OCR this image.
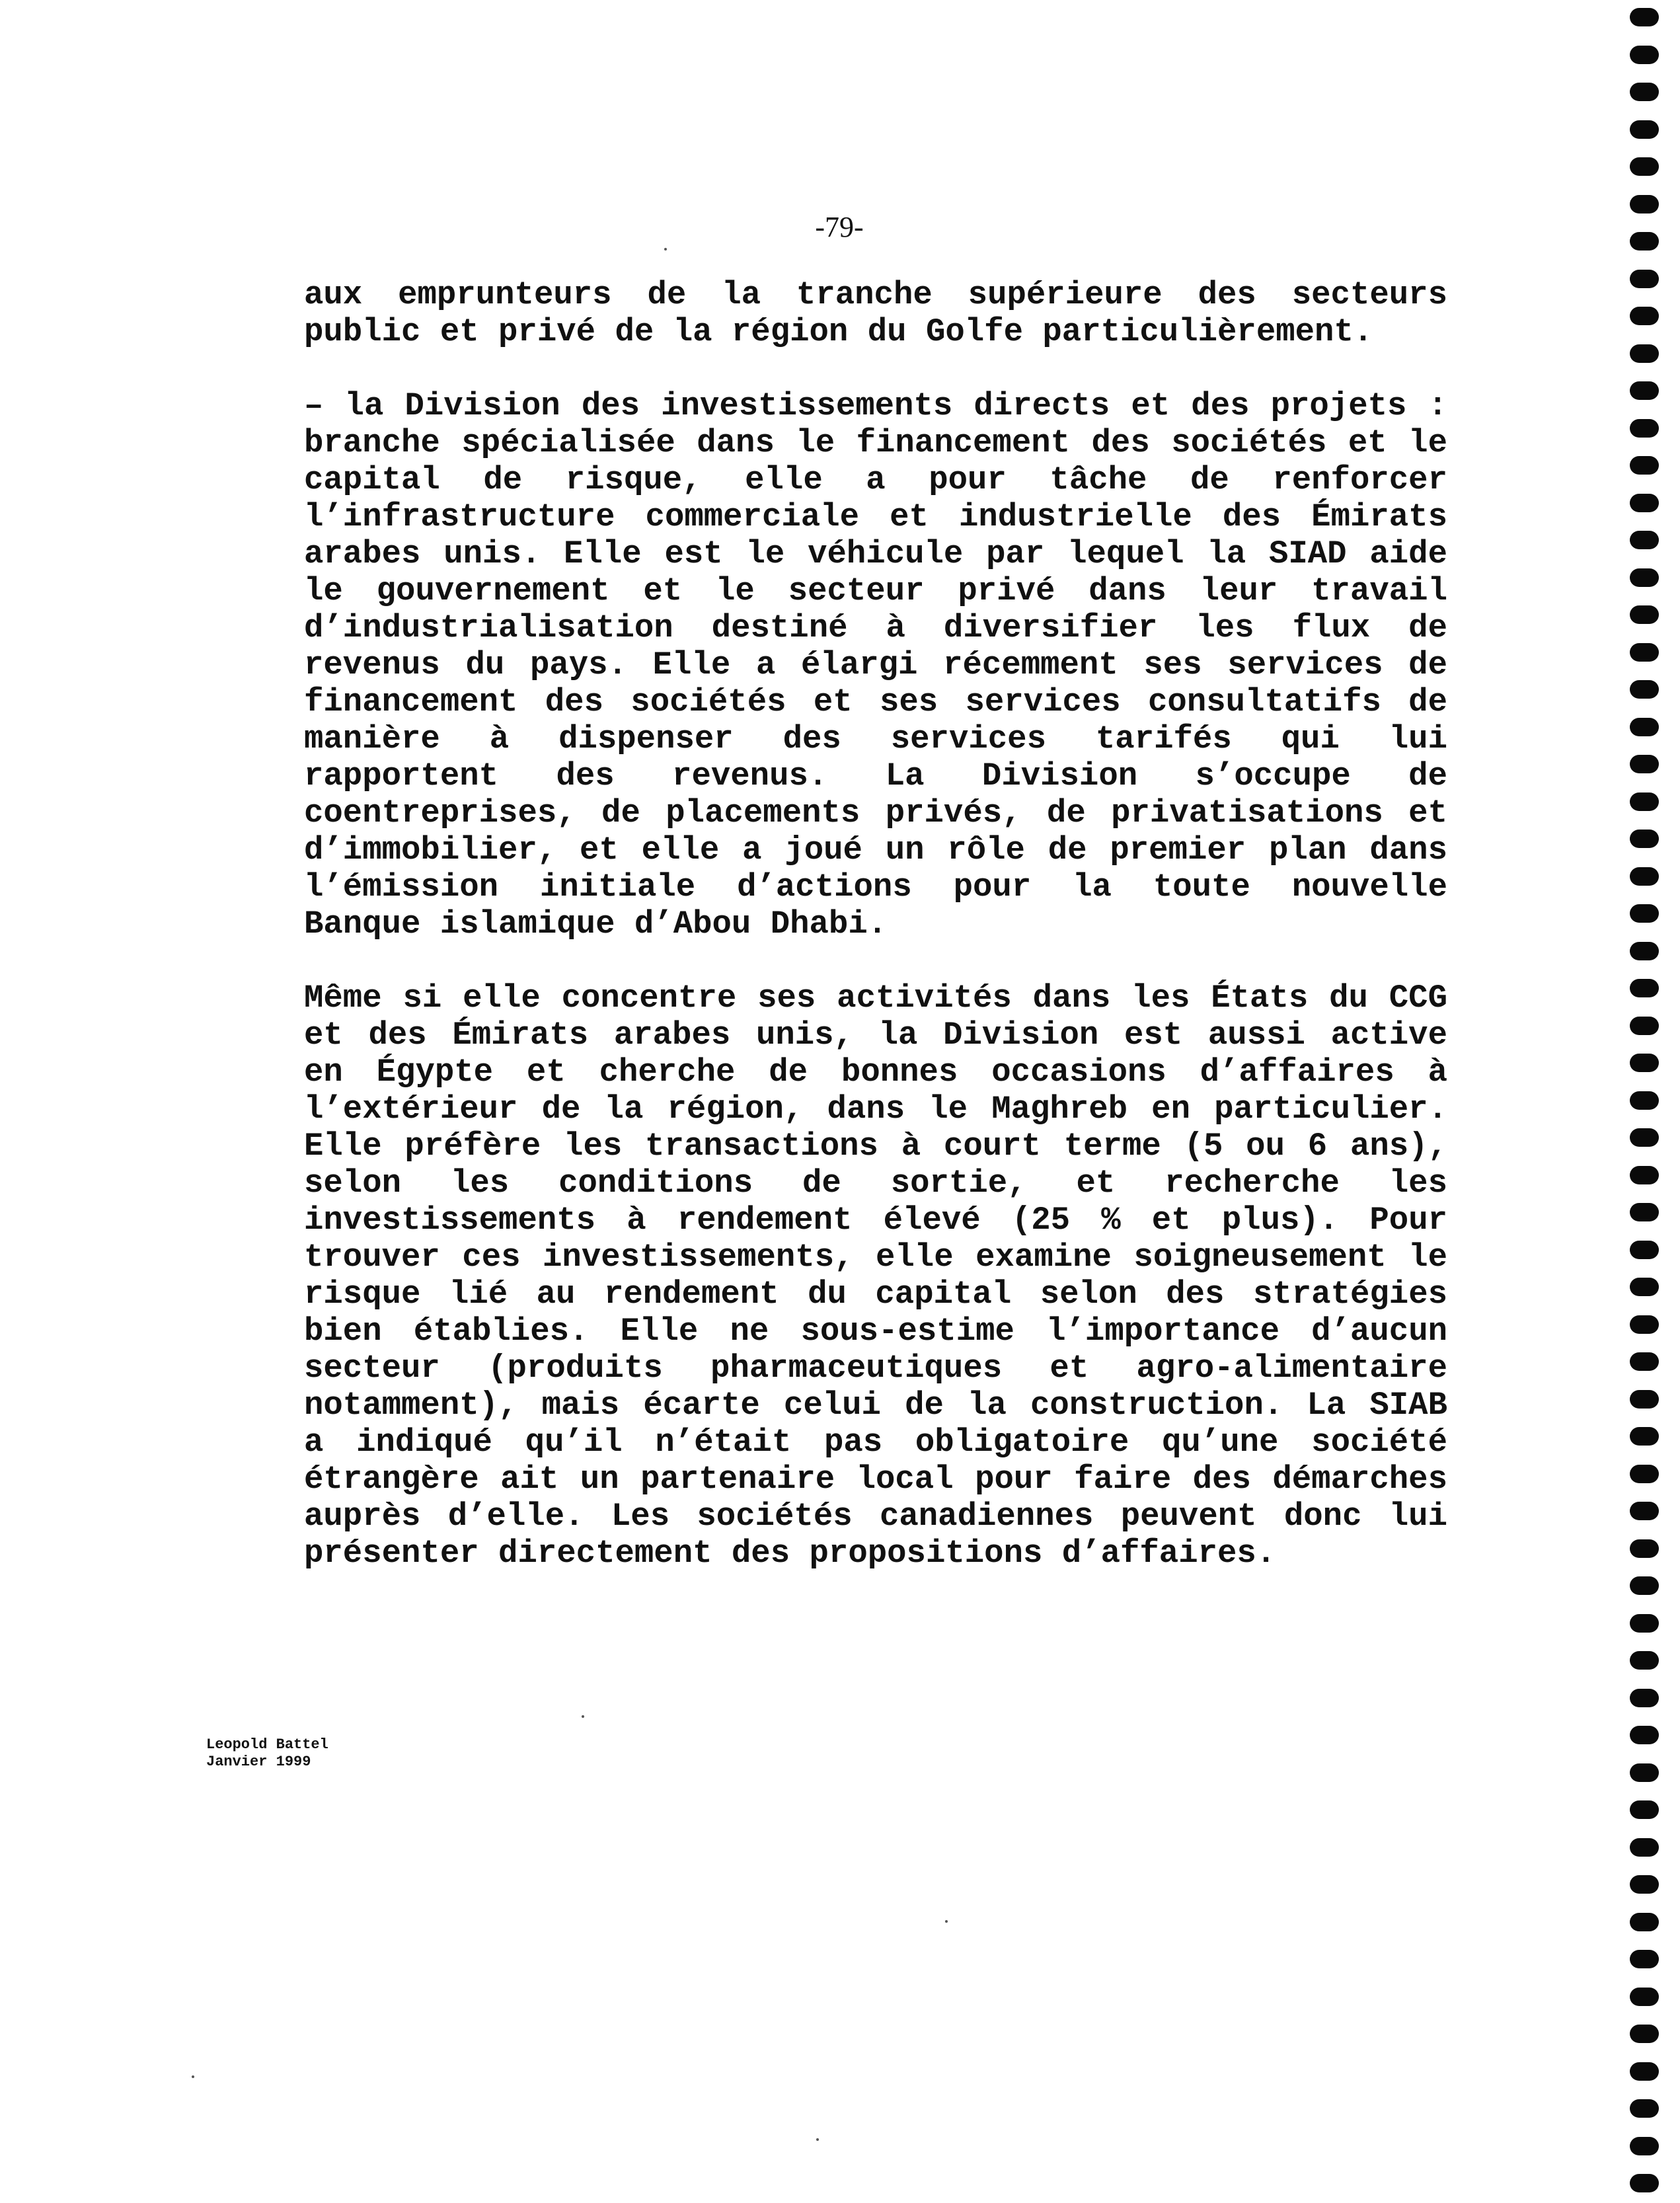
-79-

aux emprunteurs de la tranche supérieure des secteurs public et privé de la région du Golfe particulièrement.

– la Division des investissements directs et des projets : branche spécialisée dans le financement des sociétés et le capital de risque, elle a pour tâche de renforcer l’infrastructure commerciale et industrielle des Émirats arabes unis. Elle est le véhicule par lequel la SIAD aide le gouvernement et le secteur privé dans leur travail d’industrialisation destiné à diversifier les flux de revenus du pays. Elle a élargi récemment ses services de financement des sociétés et ses services consultatifs de manière à dispenser des services tarifés qui lui rapportent des revenus. La Division s’occupe de coentreprises, de placements privés, de privatisations et d’immobilier, et elle a joué un rôle de premier plan dans l’émission initiale d’actions pour la toute nouvelle Banque islamique d’Abou Dhabi.

Même si elle concentre ses activités dans les États du CCG et des Émirats arabes unis, la Division est aussi active en Égypte et cherche de bonnes occasions d’affaires à l’extérieur de la région, dans le Maghreb en particulier. Elle préfère les transactions à court terme (5 ou 6 ans), selon les conditions de sortie, et recherche les investissements à rendement élevé (25 % et plus). Pour trouver ces investissements, elle examine soigneusement le risque lié au rendement du capital selon des stratégies bien établies. Elle ne sous-estime l’importance d’aucun secteur (produits pharmaceutiques et agro-alimentaire notamment), mais écarte celui de la construction. La SIAB a indiqué qu’il n’était pas obligatoire qu’une société étrangère ait un partenaire local pour faire des démarches auprès d’elle. Les sociétés canadiennes peuvent donc lui présenter directement des propositions d’affaires.

Leopold Battel
Janvier 1999
